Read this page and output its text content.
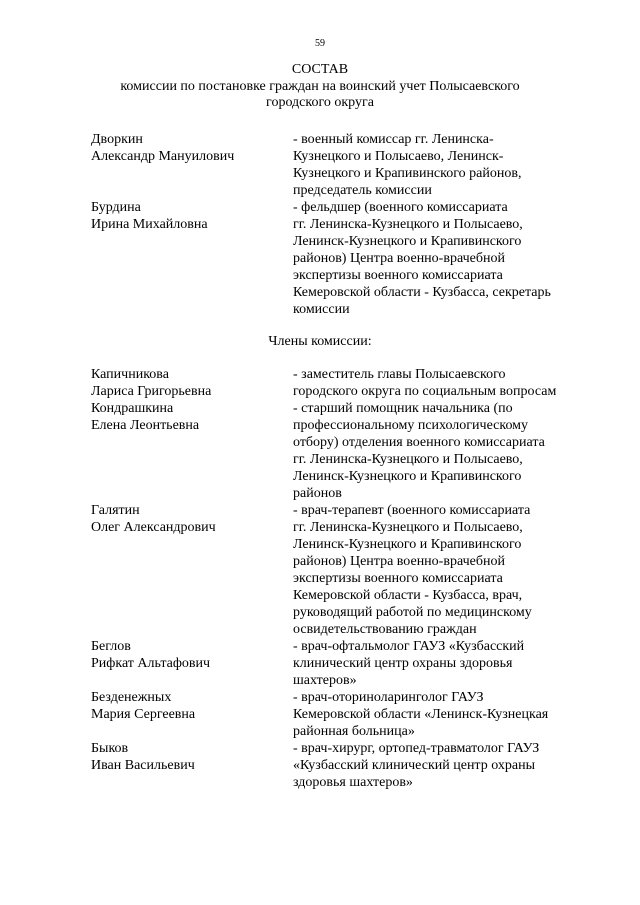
59
СОСТАВ
комиссии по постановке граждан на воинский учет Полысаевского
городского округа
Дворкин
Александр Мануилович
- военный комиссар гг. Ленинска-
Кузнецкого и Полысаево, Ленинск-
Кузнецкого и Крапивинского районов,
председатель комиссии
Бурдина
Ирина Михайловна
- фельдшер (военного комиссариата
гг. Ленинска-Кузнецкого и Полысаево,
Ленинск-Кузнецкого и Крапивинского
районов) Центра военно-врачебной
экспертизы военного комиссариата
Кемеровской области - Кузбасса, секретарь
комиссии
Члены комиссии:
Капичникова
Лариса Григорьевна
- заместитель главы Полысаевского
городского округа по социальным вопросам
Кондрашкина
Елена Леонтьевна
- старший помощник начальника (по
профессиональному психологическому
отбору) отделения военного комиссариата
гг. Ленинска-Кузнецкого и Полысаево,
Ленинск-Кузнецкого и Крапивинского
районов
Галятин
Олег Александрович
- врач-терапевт (военного комиссариата
гг. Ленинска-Кузнецкого и Полысаево,
Ленинск-Кузнецкого и Крапивинского
районов) Центра военно-врачебной
экспертизы военного комиссариата
Кемеровской области - Кузбасса, врач,
руководящий работой по медицинскому
освидетельствованию граждан
Беглов
Рифкат Альтафович
- врач-офтальмолог ГАУЗ «Кузбасский
клинический центр охраны здоровья
шахтеров»
Безденежных
Мария Сергеевна
- врач-оториноларинголог ГАУЗ
Кемеровской области «Ленинск-Кузнецкая
районная больница»
Быков
Иван Васильевич
- врач-хирург, ортопед-травматолог ГАУЗ
«Кузбасский клинический центр охраны
здоровья шахтеров»
